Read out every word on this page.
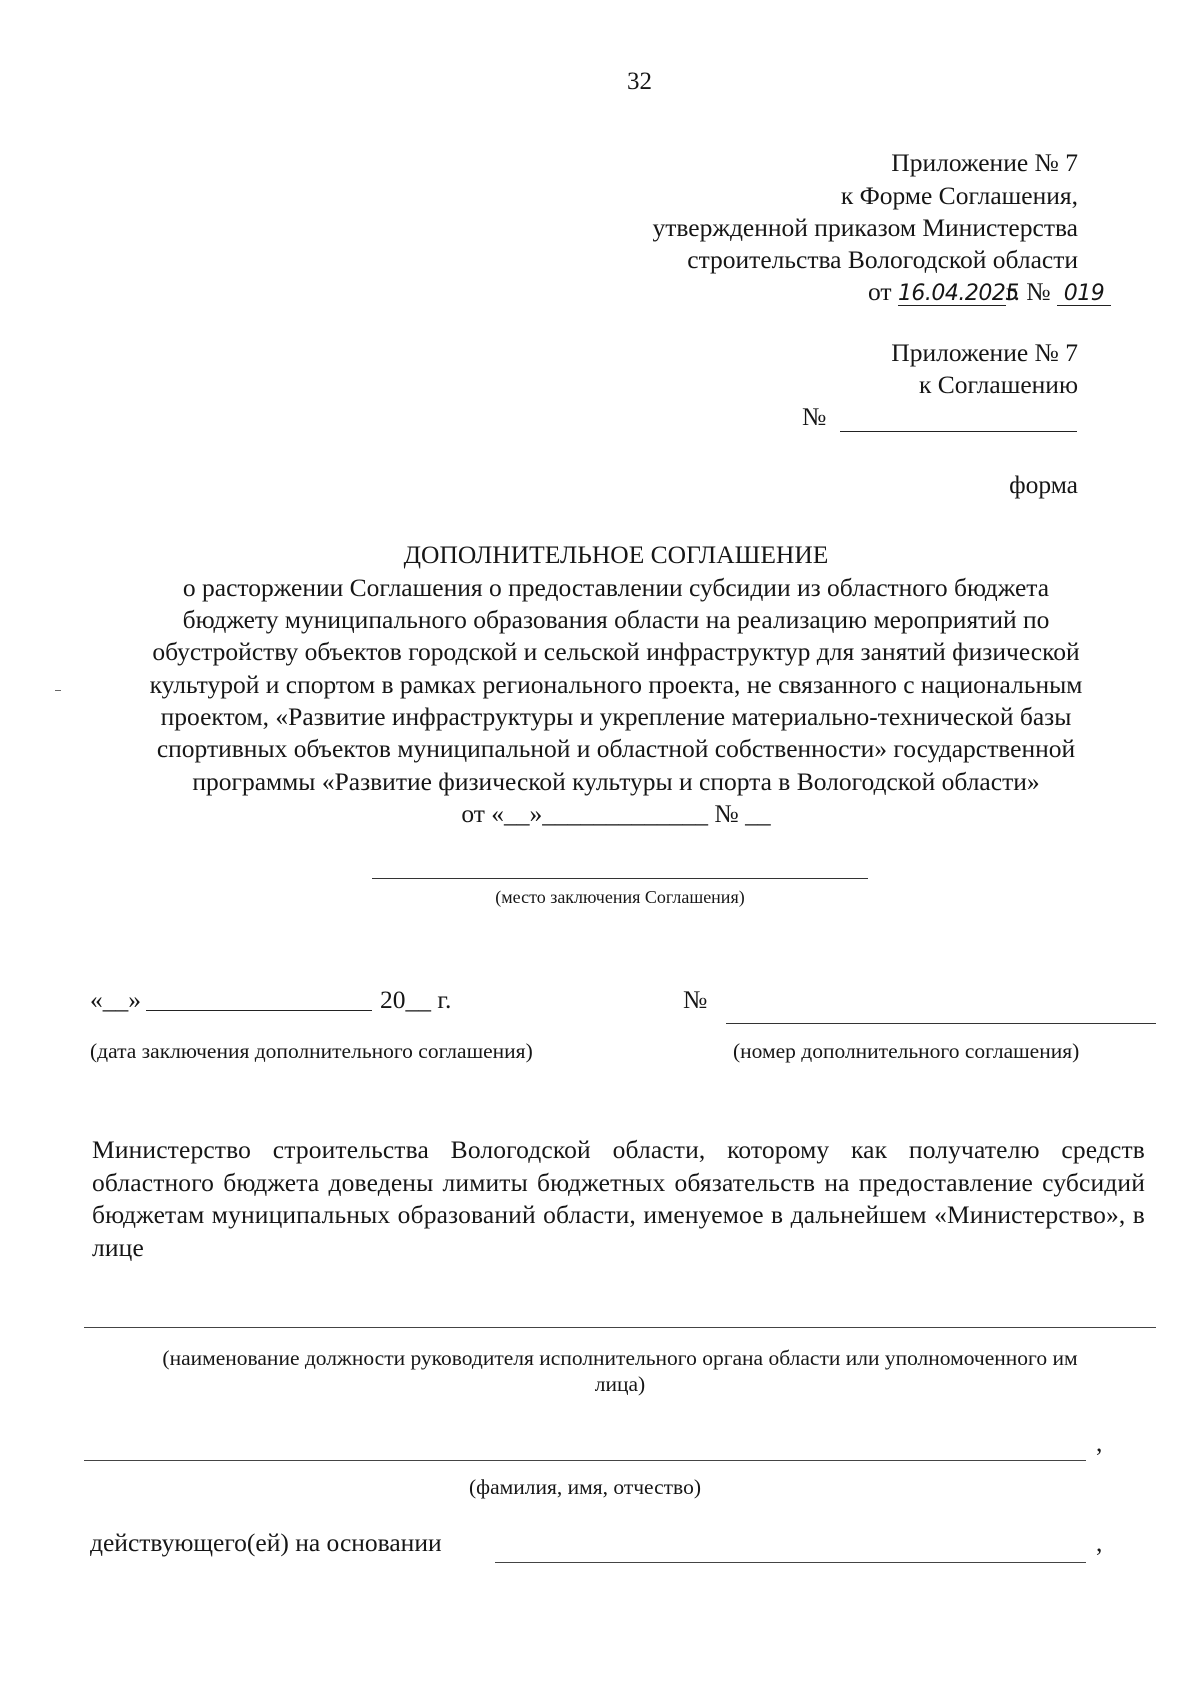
32
Приложение № 7
к Форме Соглашения,
утвержденной приказом Министерства
строительства Вологодской области
от 16.04.2025г. № 019
Приложение № 7
к Соглашению
№
форма
ДОПОЛНИТЕЛЬНОЕ СОГЛАШЕНИЕ
о расторжении Соглашения о предоставлении субсидии из областного бюджета
бюджету муниципального образования области на реализацию мероприятий по
обустройству объектов городской и сельской инфраструктур для занятий физической
культурой и спортом в рамках регионального проекта, не связанного с национальным
проектом, «Развитие инфраструктуры и укрепление материально-технической базы
спортивных объектов муниципальной и областной собственности» государственной
программы «Развитие физической культуры и спорта в Вологодской области»
от «__»_____________ № __
(место заключения Соглашения)
«__»	20__ г.	№
(дата заключения дополнительного соглашения)	(номер дополнительного соглашения)
Министерство строительства Вологодской области, которому как получателю средств областного бюджета доведены лимиты бюджетных обязательств на предоставление субсидий бюджетам муниципальных образований области, именуемое в дальнейшем «Министерство», в лице
(наименование должности руководителя исполнительного органа области или уполномоченного им
лица)
,
(фамилия, имя, отчество)
действующего(ей) на основании	,
